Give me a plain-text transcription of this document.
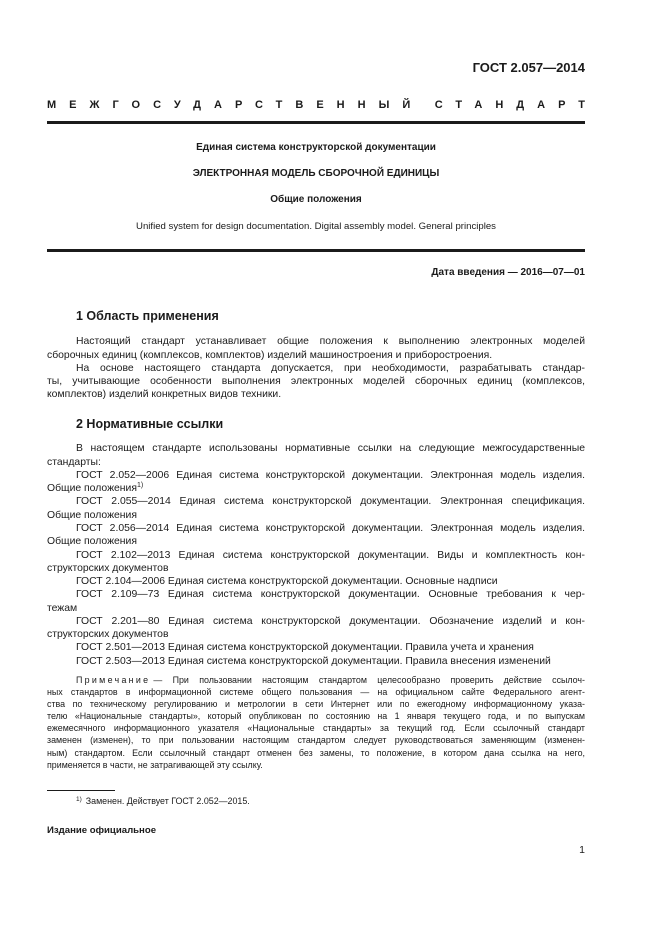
ГОСТ 2.057—2014
МЕЖГОСУДАРСТВЕННЫЙ СТАНДАРТ
Единая система конструкторской документации
ЭЛЕКТРОННАЯ МОДЕЛЬ СБОРОЧНОЙ ЕДИНИЦЫ
Общие положения
Unified system for design documentation. Digital assembly model. General principles
Дата введения — 2016—07—01
1 Область применения
Настоящий стандарт устанавливает общие положения к выполнению электронных моделей
сборочных единиц (комплексов, комплектов) изделий машиностроения и приборостроения.
На основе настоящего стандарта допускается, при необходимости, разрабатывать стандар-
ты, учитывающие особенности выполнения электронных моделей сборочных единиц (комплексов,
комплектов) изделий конкретных видов техники.
2 Нормативные ссылки
В настоящем стандарте использованы нормативные ссылки на следующие межгосударственные
стандарты:
ГОСТ 2.052—2006 Единая система конструкторской документации. Электронная модель изделия.
Общие положения$^{1)}$
ГОСТ 2.055—2014 Единая система конструкторской документации. Электронная спецификация.
Общие положения
ГОСТ 2.056—2014 Единая система конструкторской документации. Электронная модель изделия.
Общие положения
ГОСТ 2.102—2013 Единая система конструкторской документации. Виды и комплектность кон-
структорских документов
ГОСТ 2.104—2006 Единая система конструкторской документации. Основные надписи
ГОСТ 2.109—73 Единая система конструкторской документации. Основные требования к чер-
тежам
ГОСТ 2.201—80 Единая система конструкторской документации. Обозначение изделий и кон-
структорских документов
ГОСТ 2.501—2013 Единая система конструкторской документации. Правила учета и хранения
ГОСТ 2.503—2013 Единая система конструкторской документации. Правила внесения изменений
Примечание — При пользовании настоящим стандартом целесообразно проверить действие ссылоч-
ных стандартов в информационной системе общего пользования — на официальном сайте Федерального агент-
ства по техническому регулированию и метрологии в сети Интернет или по ежегодному информационному указа-
телю «Национальные стандарты», который опубликован по состоянию на 1 января текущего года, и по выпускам
ежемесячного информационного указателя «Национальные стандарты» за текущий год. Если ссылочный стандарт
заменен (изменен), то при пользовании настоящим стандартом следует руководствоваться заменяющим (изменен-
ным) стандартом. Если ссылочный стандарт отменен без замены, то положение, в котором дана ссылка на него,
применяется в части, не затрагивающей эту ссылку.
$^{1)}$ Заменен. Действует ГОСТ 2.052—2015.
Издание официальное
1
